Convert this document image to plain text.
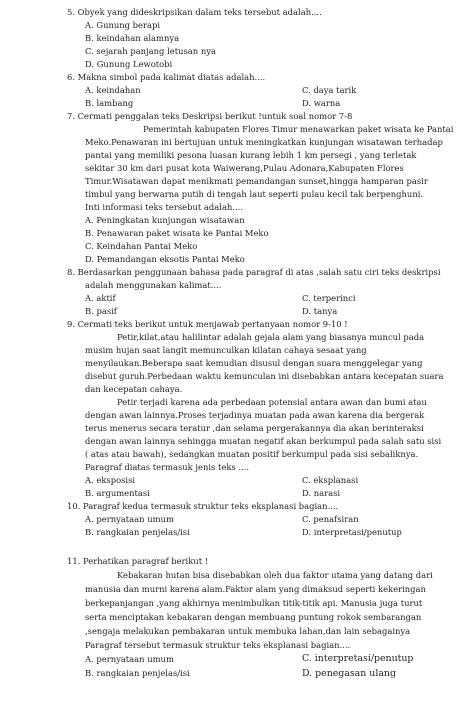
5. Obyek yang dideskripsikan dalam teks tersebut adalah....
A. Gunung berapi
B. keindahan alamnya
C. sejarah panjang letusan nya
D. Gunung Lewotobi
6. Makna simbol pada kalimat diatas adalah....
A. keindahan
B. lambang
C. daya tarik
D. warna
7. Cermati penggalan teks Deskripsi berikut !untuk soal nomor 7-8
Pemerintah kabupaten Flores Timur menawarkan paket wisata ke Pantai
Meko.Penawaran ini bertujuan untuk meningkatkan kunjungan wisatawan terhadap
pantai yang memiliki pesona luasan kurang lebih 1 km persegi , yang terletak
sekitar 30 km dari pusat kota Waiwerang,Pulau Adonara,Kabupaten Flores
Timur.Wisatawan dapat menikmati pemandangan sunset,hingga hamparan pasir
timbul yang berwarna putih di tengah laut seperti pulau kecil tak berpenghuni.
Inti informasi teks tersebut adalah....
A. Peningkatan kunjungan wisatawan
B. Penawaran paket wisata ke Pantai Meko
C. Keindahan Pantai Meko
D. Pemandangan eksotis Pantai Meko
8. Berdasarkan penggunaan bahasa pada paragraf di atas ,salah satu ciri teks deskripsi
adalah menggunakan kalimat....
A. aktif
B. pasif
C. terperinci
D. tanya
9. Cermati teks berikut untuk menjawab pertanyaan nomor 9-10 !
Petir,kilat,atau halilintar adalah gejala alam yang biasanya muncul pada
musim hujan saat langit memunculkan kilatan cahaya sesaat yang
menyilaukan.Beberapa saat kemudian disusul dengan suara menggelegar yang
disebut guruh.Perbedaan waktu kemunculan ini disebabkan antara kecepatan suara
dan kecepatan cahaya.
Petir terjadi karena ada perbedaan potensial antara awan dan bumi atau
dengan awan lainnya.Proses terjadinya muatan pada awan karena dia bergerak
terus menerus secara teratur ,dan selama pergerakannya dia akan berinteraksi
dengan awan lainnya sehingga muatan negatif akan berkumpul pada salah satu sisi
( atas atau bawah), sedangkan muatan positif berkumpul pada sisi sebaliknya.
Paragraf diatas termasuk jenis teks ....
A. eksposisi
B. argumentasi
C. eksplanasi
D. narasi
10. Paragraf kedua termasuk struktur teks eksplanasi bagian....
A. pernyataan umum
B. rangkaian penjelas/isi
C. penafsiran
D. interpretasi/penutup
11. Perhatikan paragraf berikut !
Kebakaran hutan bisa disebabkan oleh dua faktor utama yang datang dari
manusia dan murni karena alam.Faktor alam yang dimaksud seperti kekeringan
berkepanjangan ,yang akhirnya menimbulkan titik-titik api. Manusia juga turut
serta menciptakan kebakaran dengan membuang puntung rokok sembarangan
,sengaja melakukan pembakaran untuk membuka lahan,dan lain sebagainya
Paragraf tersebut termasuk struktur teks eksplanasi bagian....
A. pernyataan umum
B. rangkaian penjelas/isi
C. interpretasi/penutup
D. penegasan ulang
